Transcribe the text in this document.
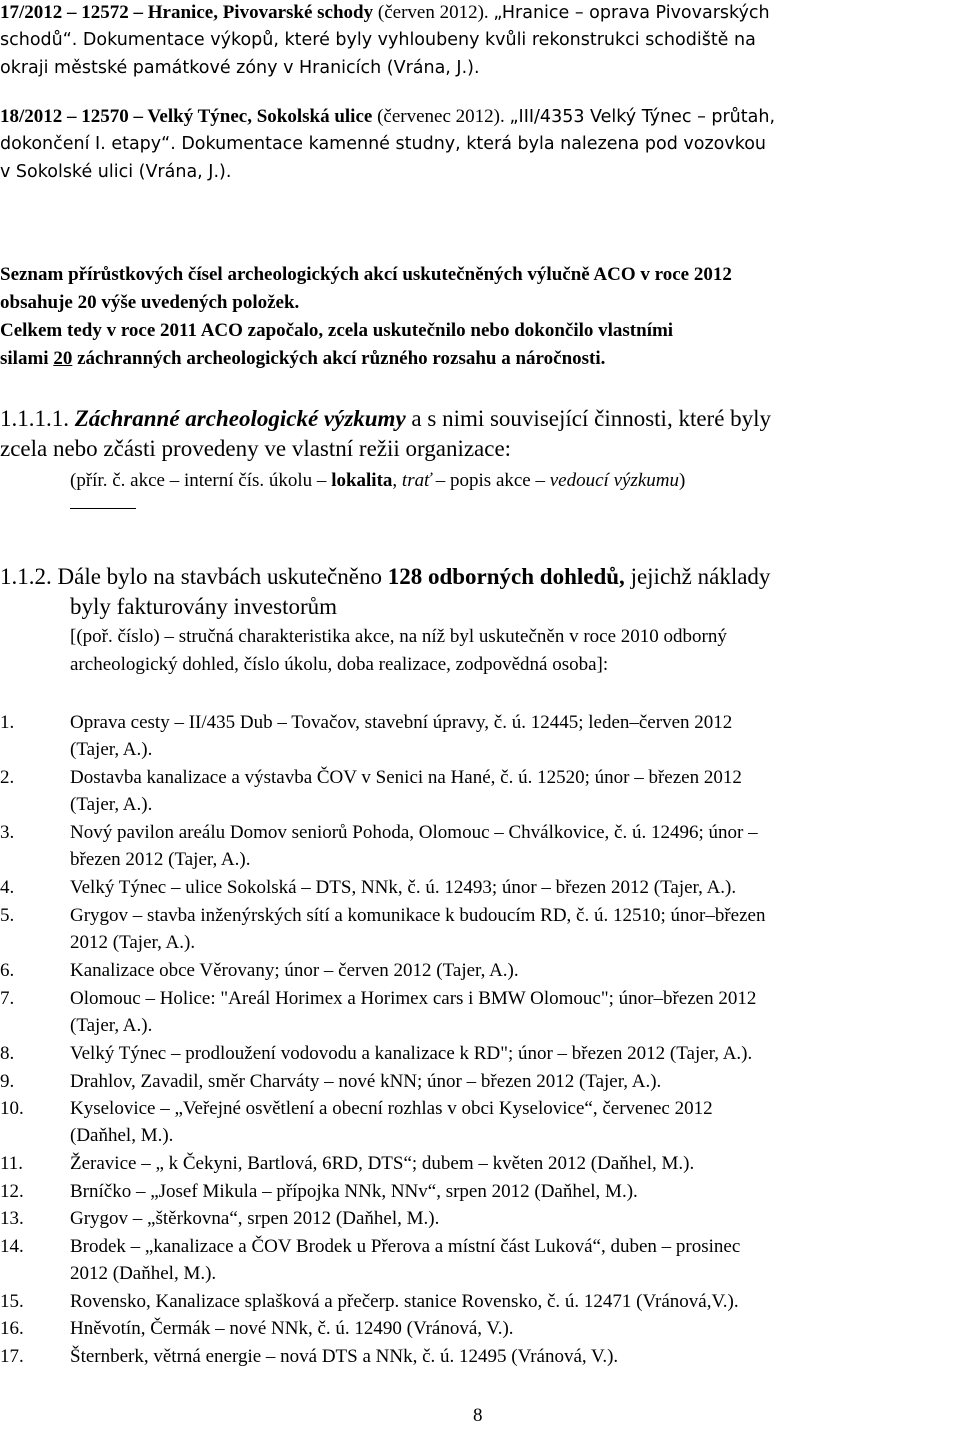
17/2012 – 12572 – Hranice, Pivovarské schody (červen 2012). „Hranice – oprava Pivovarských
schodů“. Dokumentace výkopů, které byly vyhloubeny kvůli rekonstrukci schodiště na
okraji městské památkové zóny v Hranicích (Vrána, J.).
18/2012 – 12570 – Velký Týnec, Sokolská ulice (červenec 2012). „III/4353 Velký Týnec – průtah,
dokončení I. etapy“. Dokumentace kamenné studny, která byla nalezena pod vozovkou
v Sokolské ulici (Vrána, J.).
Seznam přírůstkových čísel archeologických akcí uskutečněných výlučně ACO v roce 2012
obsahuje 20 výše uvedených položek.
Celkem tedy v roce 2011 ACO započalo, zcela uskutečnilo nebo dokončilo vlastními
silami 20 záchranných archeologických akcí různého rozsahu a náročnosti.
1.1.1.1. Záchranné archeologické výzkumy a s nimi související činnosti, které byly
zcela nebo zčásti provedeny ve vlastní režii organizace:
(přír. č. akce – interní čís. úkolu – lokalita, trať – popis akce – vedoucí výzkumu)
1.1.2. Dále bylo na stavbách uskutečněno 128 odborných dohledů, jejichž náklady
byly fakturovány investorům
[(poř. číslo) – stručná charakteristika akce, na níž byl uskutečněn v roce 2010 odborný
archeologický dohled, číslo úkolu, doba realizace, zodpovědná osoba]:
1.	Oprava cesty – II/435 Dub – Tovačov, stavební úpravy, č. ú. 12445; leden–červen 2012
(Tajer, A.).
2.	Dostavba kanalizace a výstavba ČOV v Senici na Hané, č. ú. 12520; únor – březen 2012
(Tajer, A.).
3.	Nový pavilon areálu Domov seniorů Pohoda, Olomouc – Chválkovice, č. ú. 12496; únor –
březen 2012 (Tajer, A.).
4.	Velký Týnec – ulice Sokolská – DTS, NNk, č. ú. 12493; únor – březen 2012 (Tajer, A.).
5.	Grygov – stavba inženýrských sítí a komunikace k budoucím RD, č. ú. 12510; únor–březen
2012 (Tajer, A.).
6.	Kanalizace obce Věrovany; únor – červen 2012 (Tajer, A.).
7.	Olomouc – Holice: "Areál Horimex a Horimex cars i BMW Olomouc"; únor–březen 2012
(Tajer, A.).
8.	Velký Týnec – prodloužení vodovodu a kanalizace k RD"; únor – březen 2012 (Tajer, A.).
9.	Drahlov, Zavadil, směr Charváty – nové kNN; únor – březen 2012 (Tajer, A.).
10. Kyselovice – „Veřejné osvětlení a obecní rozhlas v obci Kyselovice“, červenec 2012
(Daňhel, M.).
11. Žeravice – „ k Čekyni, Bartlová, 6RD, DTS“; dubem – květen 2012 (Daňhel, M.).
12. Brníčko – „Josef Mikula – přípojka NNk, NNv“, srpen 2012 (Daňhel, M.).
13. Grygov – „štěrkovna“, srpen 2012 (Daňhel, M.).
14. Brodek – „kanalizace a ČOV Brodek u Přerova a místní část Luková“, duben – prosinec
2012 (Daňhel, M.).
15. Rovensko, Kanalizace splašková a přečerp. stanice Rovensko, č. ú. 12471 (Vránová,V.).
16. Hněvotín, Čermák – nové NNk, č. ú. 12490 (Vránová, V.).
17. Šternberk, větrná energie – nová DTS a NNk, č. ú. 12495 (Vránová, V.).
8
